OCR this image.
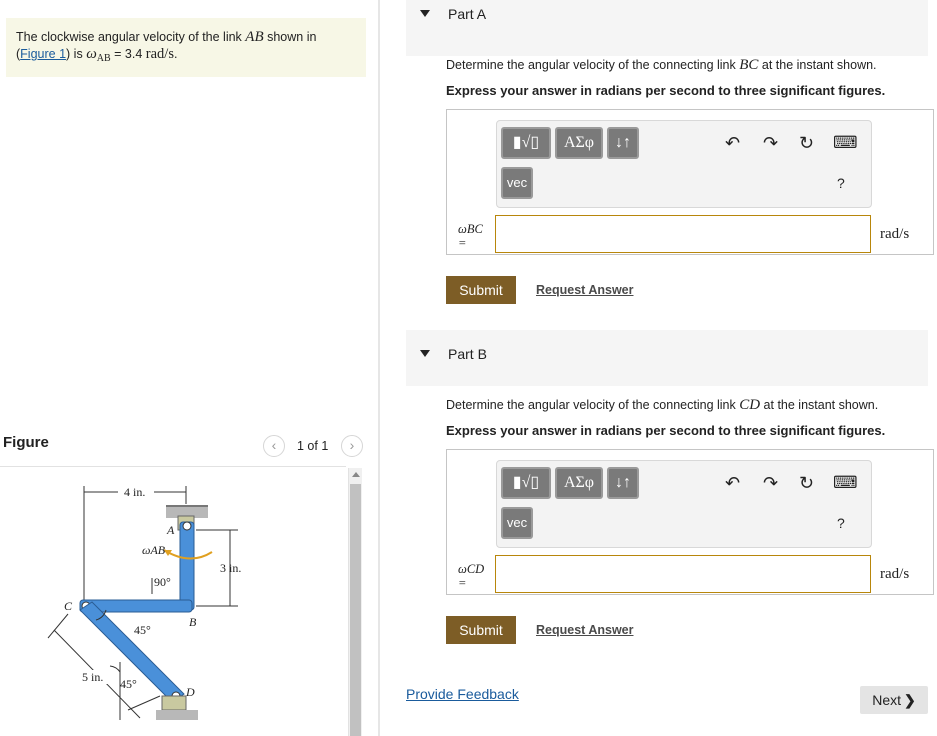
The clockwise angular velocity of the link AB shown in
(Figure 1) is $\omega_{AB} = 3.4$ rad/s.
Figure	‹	1 of 1	›
4 in.
3 in.
5 in.
A
B
C
D
ωAB
90°
45°
45°
Part A
Determine the angular velocity of the connecting link BC at the instant shown.
Express your answer in radians per second to three significant figures.
▮√▯	ΑΣφ	↓↑	↶ ↷ ↻ ⌨
vec	?
ωBC
=
rad/s
Submit	Request Answer
Part B
Determine the angular velocity of the connecting link CD at the instant shown.
Express your answer in radians per second to three significant figures.
▮√▯	ΑΣφ	↓↑	↶ ↷ ↻ ⌨
vec	?
ωCD
=
rad/s
Submit	Request Answer
Provide Feedback	Next ❯
